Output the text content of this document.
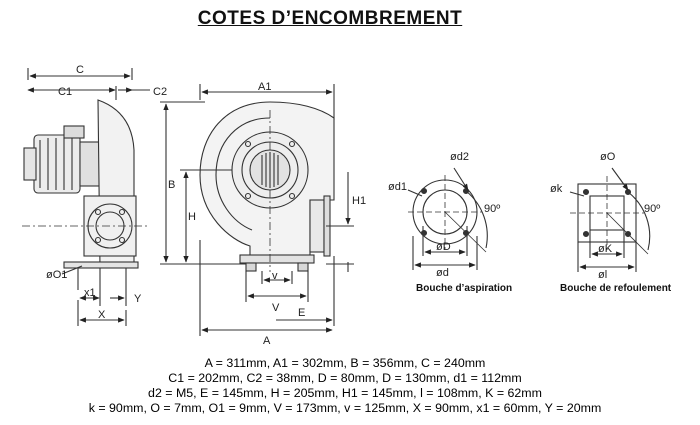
COTES D’ENCOMBREMENT
C
C1	C2
øO1
x1	Y
X
A1
B
H
H1
V
v
E
A
ød2
ød1
90º
øD
ød
Bouche d’aspiration
øO
øk
90º
øK
øl
Bouche de refoulement
A = 311mm, A1 = 302mm, B = 356mm, C = 240mm
C1 = 202mm, C2 = 38mm, D = 80mm, D = 130mm, d1 = 112mm
d2 = M5, E = 145mm, H = 205mm, H1 = 145mm, l = 108mm, K = 62mm
k = 90mm, O = 7mm, O1 = 9mm, V = 173mm, v = 125mm, X = 90mm, x1 = 60mm, Y = 20mm
